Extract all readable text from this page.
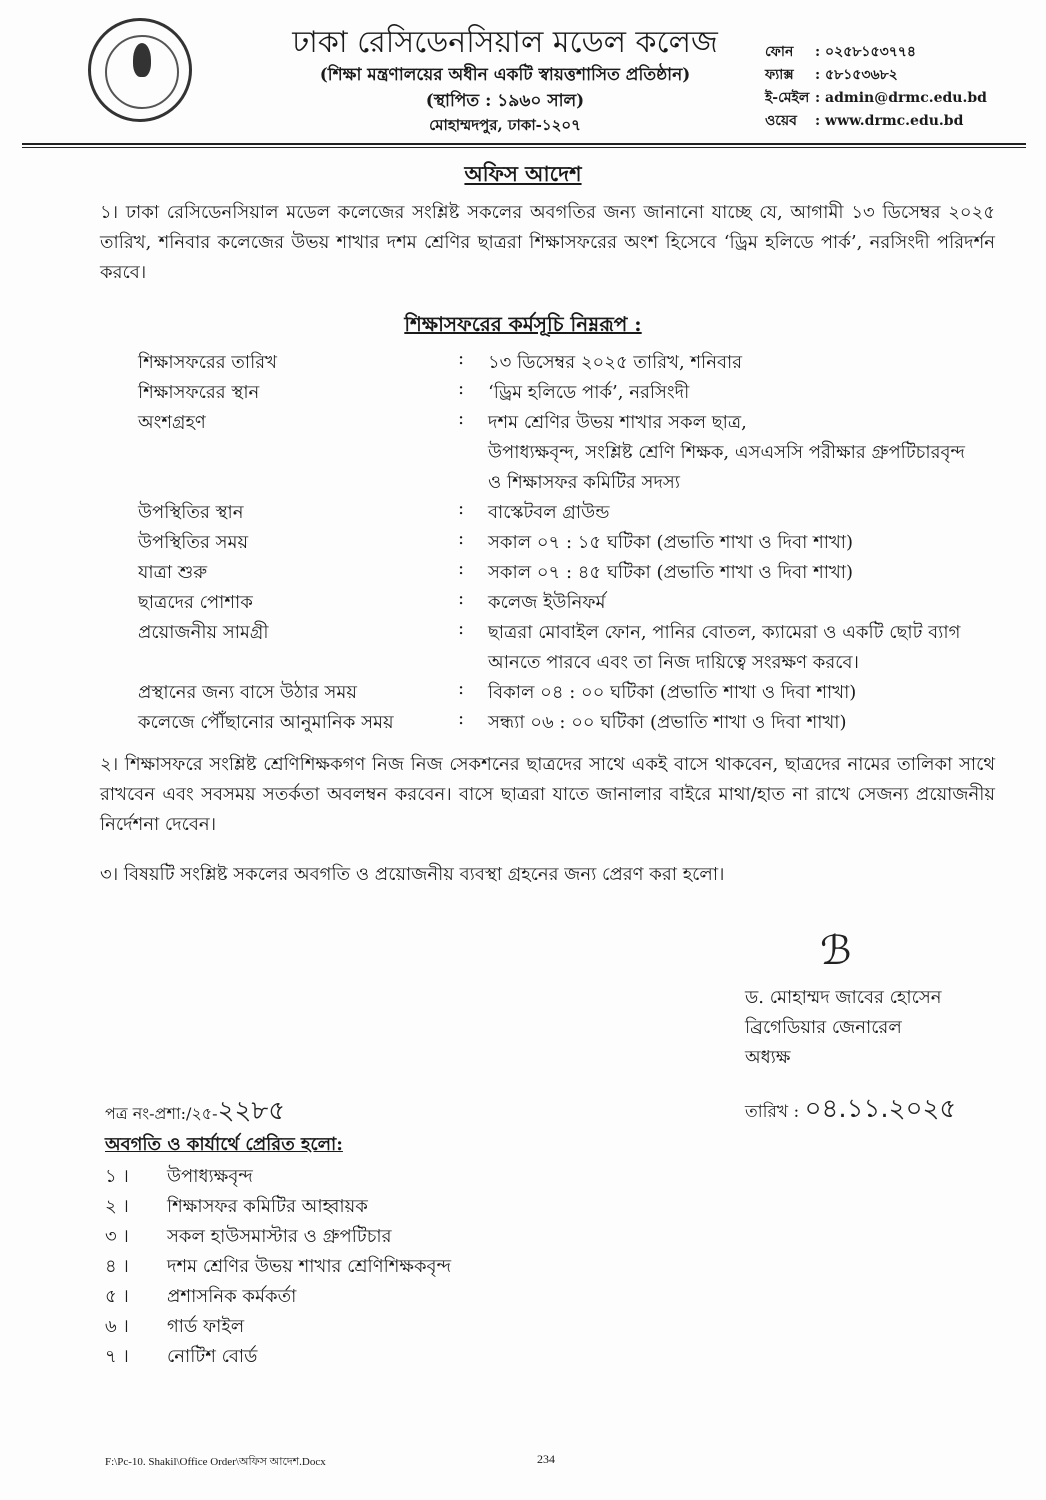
ঢাকা রেসিডেনসিয়াল মডেল কলেজ
(শিক্ষা মন্ত্রণালয়ের অধীন একটি স্বায়ত্তশাসিত প্রতিষ্ঠান)
(স্থাপিত : ১৯৬০ সাল)
মোহাম্মদপুর, ঢাকা-১২০৭
অফিস আদেশ
১। ঢাকা রেসিডেনসিয়াল মডেল কলেজের সংশ্লিষ্ট সকলের অবগতির জন্য জানানো যাচ্ছে যে, আগামী ১৩ ডিসেম্বর ২০২৫ তারিখ, শনিবার কলেজের উভয় শাখার দশম শ্রেণির ছাত্ররা শিক্ষাসফরের অংশ হিসেবে ‘ড্রিম হলিডে পার্ক’, নরসিংদী পরিদর্শন করবে।
শিক্ষাসফরের কর্মসূচি নিম্নরূপ :
২। শিক্ষাসফরে সংশ্লিষ্ট শ্রেণিশিক্ষকগণ নিজ নিজ সেকশনের ছাত্রদের সাথে একই বাসে থাকবেন, ছাত্রদের নামের তালিকা সাথে রাখবেন এবং সবসময় সতর্কতা অবলম্বন করবেন। বাসে ছাত্ররা যাতে জানালার বাইরে মাথা/হাত না রাখে সেজন্য প্রয়োজনীয় নির্দেশনা দেবেন।
৩। বিষয়টি সংশ্লিষ্ট সকলের অবগতি ও প্রয়োজনীয় ব্যবস্থা গ্রহনের জন্য প্রেরণ করা হলো।
ℬ
ড. মোহাম্মদ জাবের হোসেন
ব্রিগেডিয়ার জেনারেল
অধ্যক্ষ
পত্র নং-প্রশা:/২৫-২২৮৫	তারিখ : ০৪.১১.২০২৫
অবগতি ও কার্যার্থে প্রেরিত হলো:
F:\Pc-10. Shakil\Office Order\অফিস আদেশ.Docx	234
ফোন : ০২৫৮১৫৩৭৭৪
ফ্যাক্স : ৫৮১৫৩৬৮২
ই-মেইল : admin@drmc.edu.bd
ওয়েব : www.drmc.edu.bd
শিক্ষাসফরের তারিখ	: ১৩ ডিসেম্বর ২০২৫ তারিখ, শনিবার
শিক্ষাসফরের স্থান	: ‘ড্রিম হলিডে পার্ক’, নরসিংদী
অংশগ্রহণ	: দশম শ্রেণির উভয় শাখার সকল ছাত্র,
উপাধ্যক্ষবৃন্দ, সংশ্লিষ্ট শ্রেণি শিক্ষক, এসএসসি পরীক্ষার গ্রুপটিচারবৃন্দ
ও শিক্ষাসফর কমিটির সদস্য
উপস্থিতির স্থান	: বাস্কেটবল গ্রাউন্ড
উপস্থিতির সময়	: সকাল ০৭ : ১৫ ঘটিকা (প্রভাতি শাখা ও দিবা শাখা)
যাত্রা শুরু	: সকাল ০৭ : ৪৫ ঘটিকা (প্রভাতি শাখা ও দিবা শাখা)
ছাত্রদের পোশাক	: কলেজ ইউনিফর্ম
প্রয়োজনীয় সামগ্রী	: ছাত্ররা মোবাইল ফোন, পানির বোতল, ক্যামেরা ও একটি ছোট ব্যাগ
আনতে পারবে এবং তা নিজ দায়িত্বে সংরক্ষণ করবে।
প্রস্থানের জন্য বাসে উঠার সময়	: বিকাল ০৪ : ০০ ঘটিকা (প্রভাতি শাখা ও দিবা শাখা)
কলেজে পৌঁছানোর আনুমানিক সময়	: সন্ধ্যা ০৬ : ০০ ঘটিকা (প্রভাতি শাখা ও দিবা শাখা)
১ । উপাধ্যক্ষবৃন্দ
২ । শিক্ষাসফর কমিটির আহ্বায়ক
৩ । সকল হাউসমাস্টার ও গ্রুপটিচার
৪ । দশম শ্রেণির উভয় শাখার শ্রেণিশিক্ষকবৃন্দ
৫ । প্রশাসনিক কর্মকর্তা
৬ । গার্ড ফাইল
৭ । নোটিশ বোর্ড
